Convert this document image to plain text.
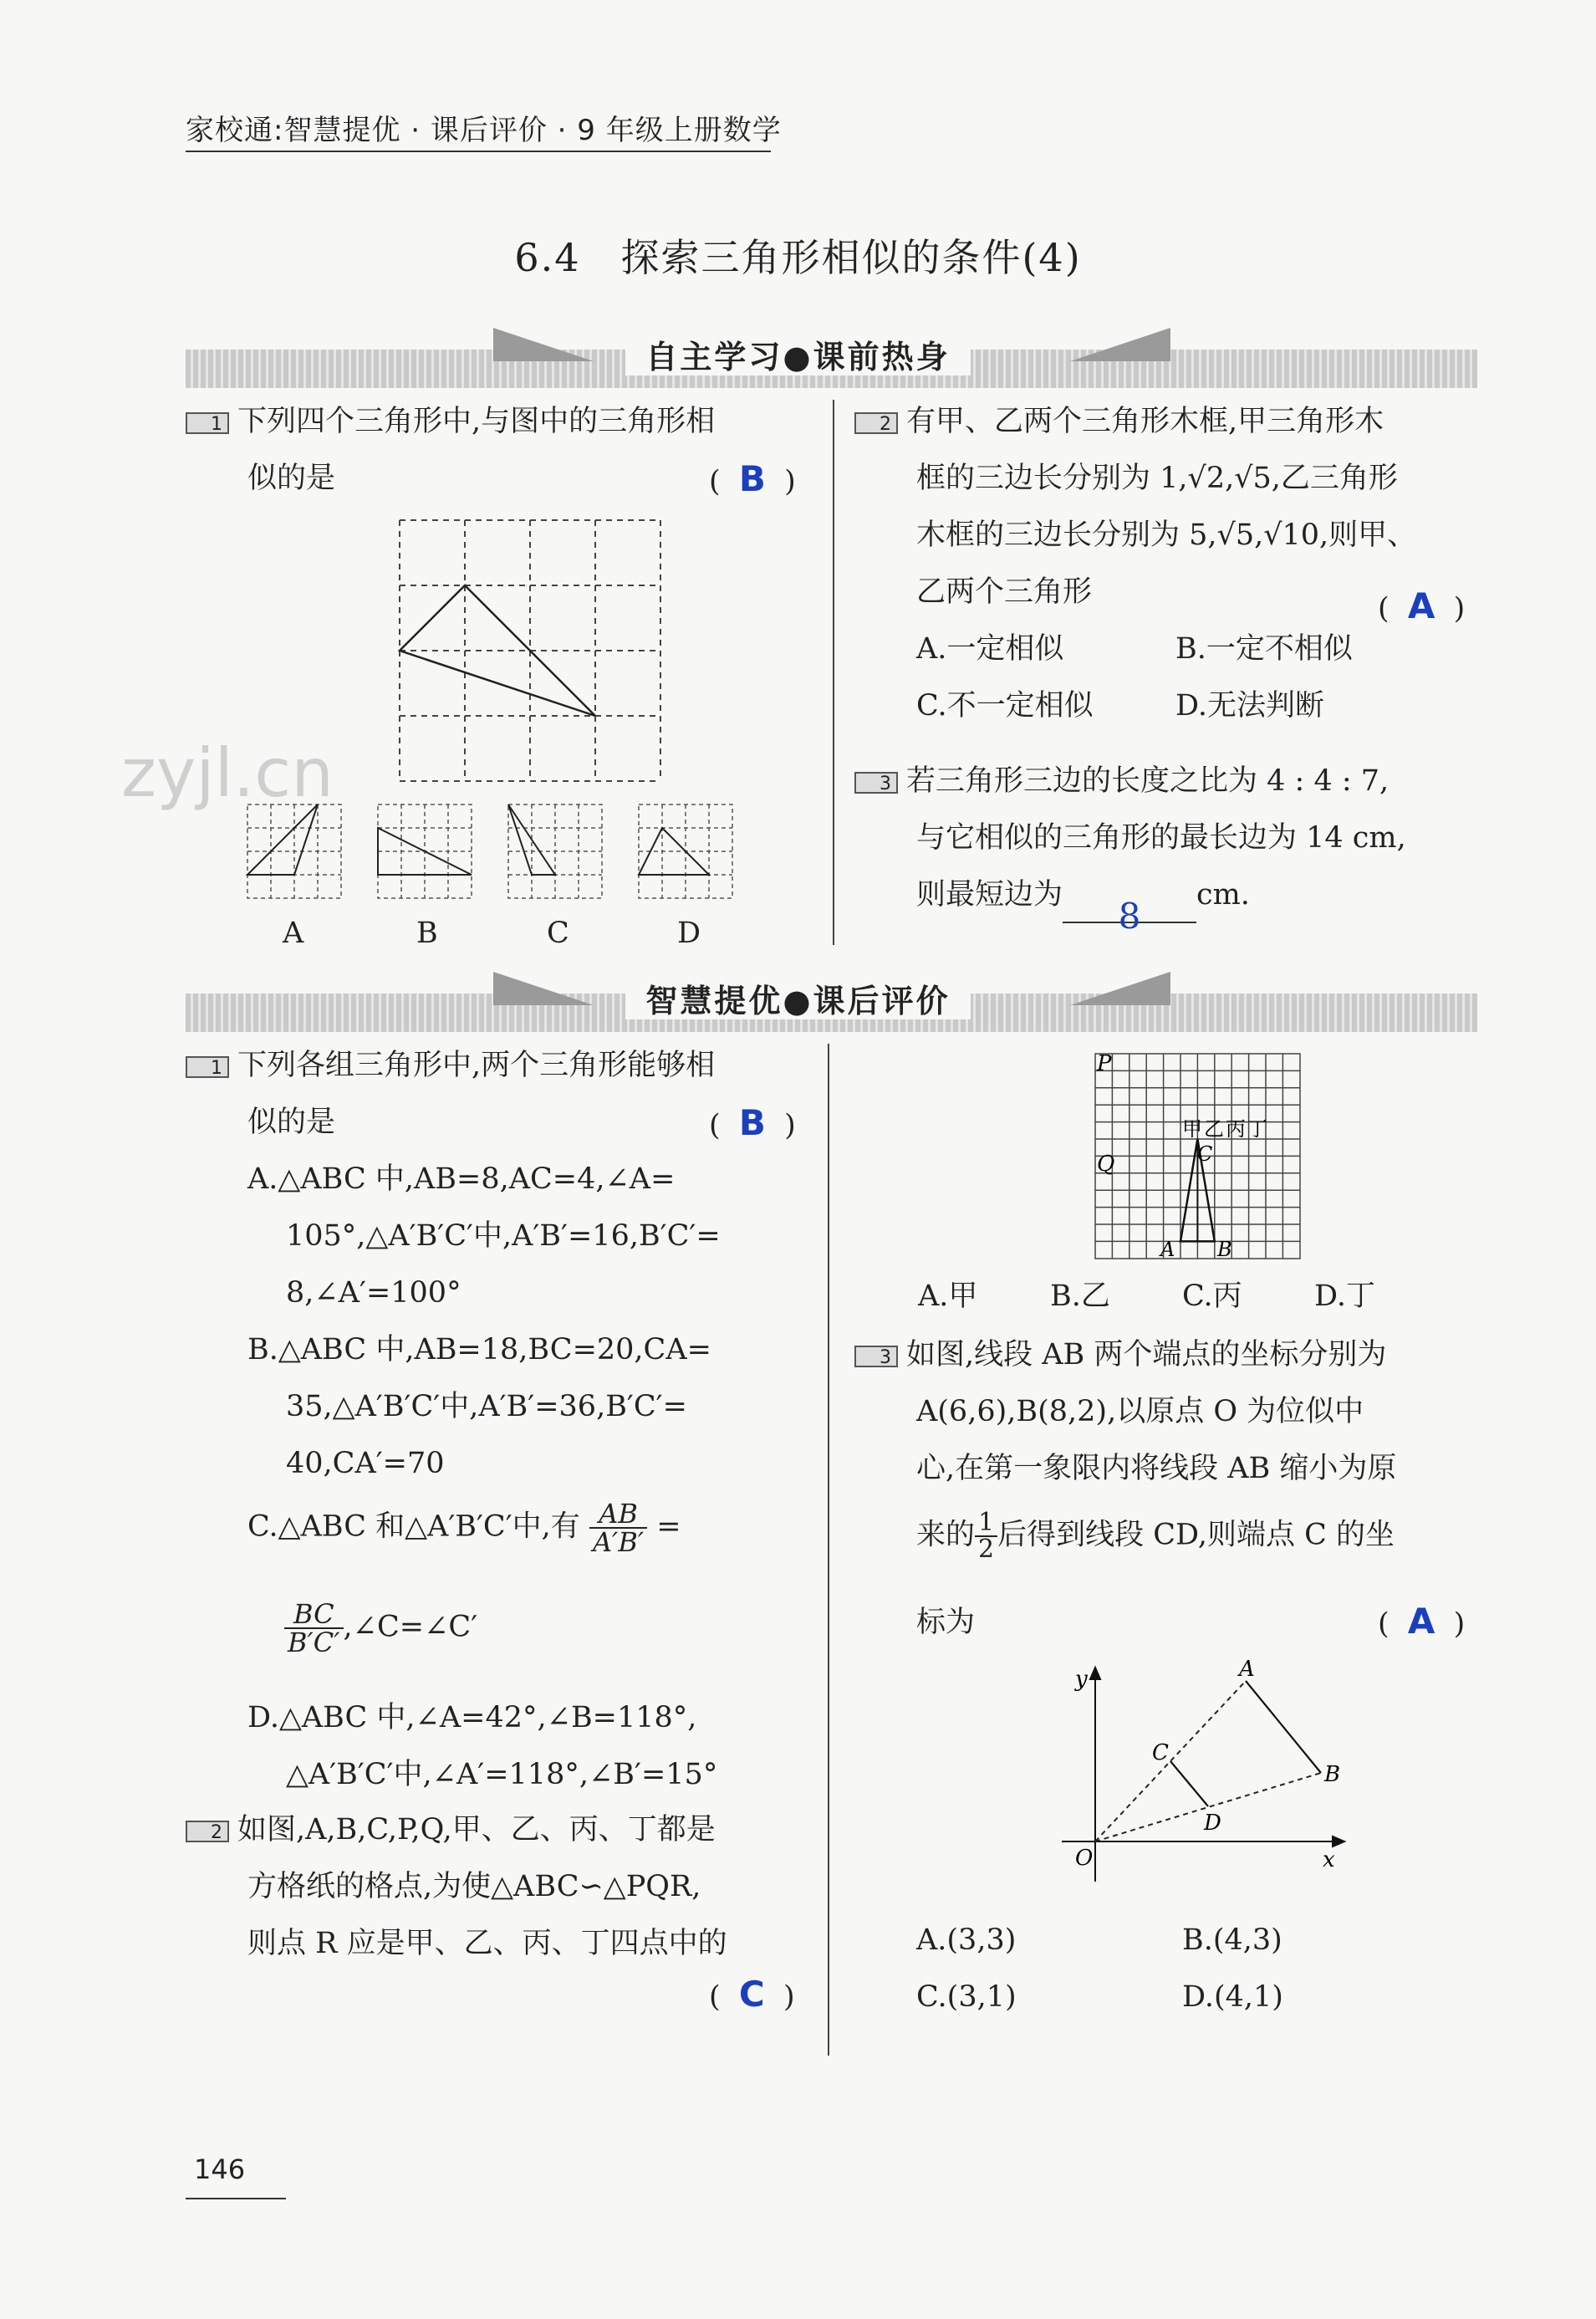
家校通:智慧提优 · 课后评价 · 9 年级上册数学
6.4　探索三角形相似的条件(4)
zyjl.cn
自主学习●课前热身
1 下列四个三角形中,与图中的三角形相
似的是	(  B  )
A	B	C	D
2 有甲、乙两个三角形木框,甲三角形木
框的三边长分别为 1,√2,√5,乙三角形
木框的三边长分别为 5,√5,√10,则甲、
乙两个三角形
A.一定相似	B.一定不相似
C.不一定相似	D.无法判断
(  A  )
3 若三角形三边的长度之比为 4 : 4 : 7,
与它相似的三角形的最长边为 14 cm,
则最短边为8cm.
智慧提优●课后评价
1 下列各组三角形中,两个三角形能够相
似的是
A.△ABC 中,AB=8,AC=4,∠A=
105°,△A′B′C′中,A′B′=16,B′C′=
8,∠A′=100°
B.△ABC 中,AB=18,BC=20,CA=
35,△A′B′C′中,A′B′=36,B′C′=
40,CA′=70
(  B  )
C.△ABC 和△A′B′C′中,有 $\frac{AB}{A'B'}$ =
$\frac{BC}{B'C'}$ ,∠C=∠C′
D.△ABC 中,∠A=42°,∠B=118°,
△A′B′C′中,∠A′=118°,∠B′=15°
2 如图,A,B,C,P,Q,甲、乙、丙、丁都是
方格纸的格点,为使△ABC∽△PQR,
则点 R 应是甲、乙、丙、丁四点中的
(  C  )
P
Q	C
A B
甲 乙 丙 丁
A.甲 B.乙 C.丙 D.丁
3 如图,线段 AB 两个端点的坐标分别为
A(6,6),B(8,2),以原点 O 为位似中
心,在第一象限内将线段 AB 缩小为原
来的 $\frac{1}{2}$ 后得到线段 CD,则端点 C 的坐
标为	(  A  )
y
x
O
A
B
C
D
A.(3,3)	B.(4,3)
C.(3,1)	D.(4,1)
146
